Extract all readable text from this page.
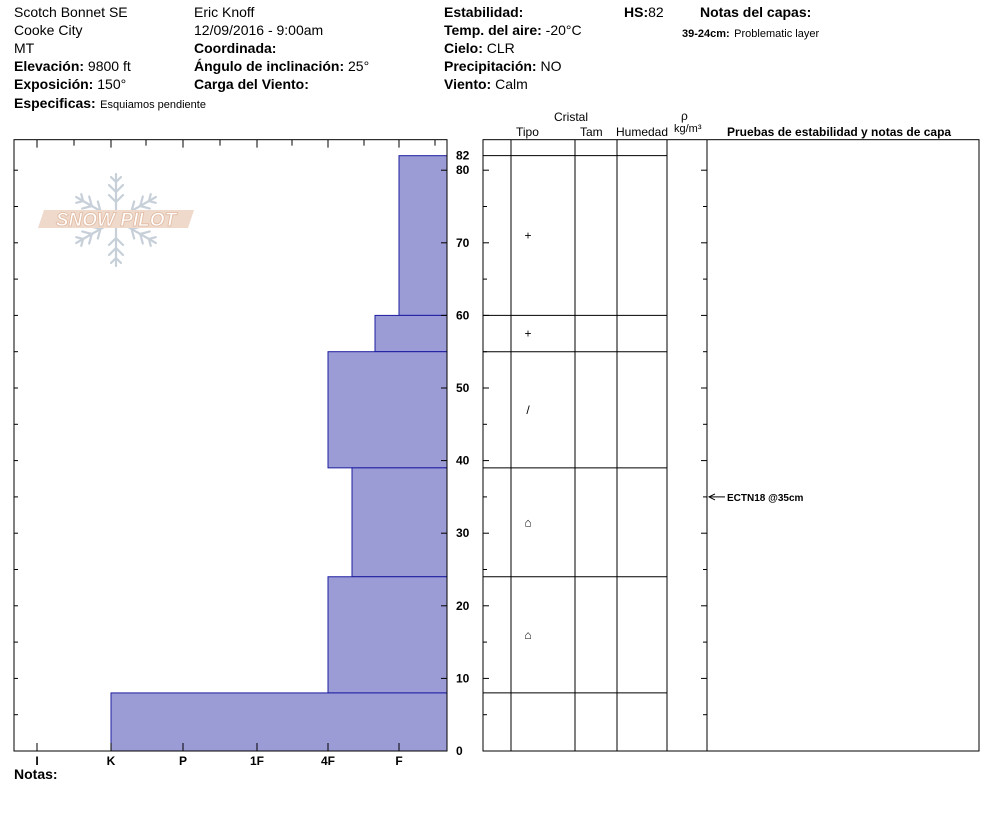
Scotch Bonnet SE
Cooke City
MT
Elevación: 9800 ft
Exposición: 150°
Especificas: Esquiamos pendiente
Eric Knoff
12/09/2016 - 9:00am
Coordinada:
Ángulo de inclinación: 25°
Carga del Viento:
Estabilidad:
Temp. del aire: -20°C
Cielo: CLR
Precipitación: NO
Viento: Calm
HS:82	Notas del capas:
39-24cm: Problematic layer
Cristal
Tipo	Tam Humedad
ρ
kg/m³ Pruebas de estabilidad y notas de capa
SNOW PILOT
Notas:
I	K	P	1F	4F	F
0
10
20
30
40
50
60
70
80
82
+
+
/
⌂
⌂
ECTN18 @35cm
